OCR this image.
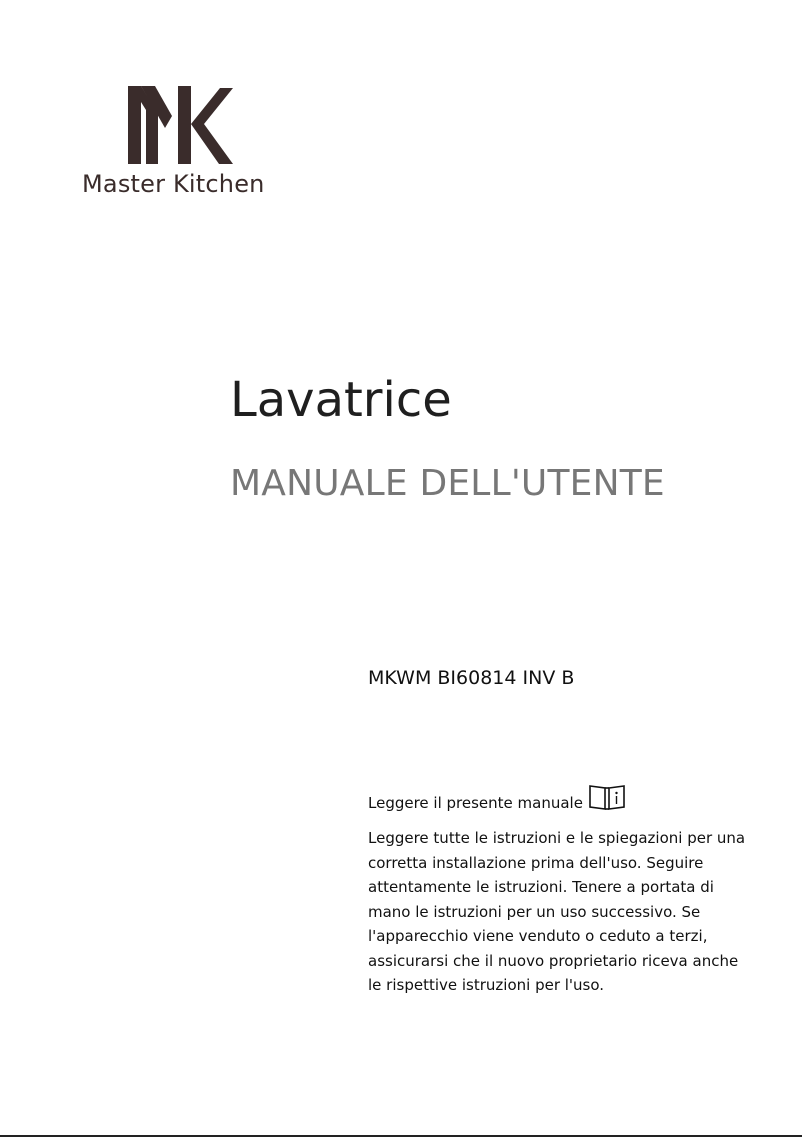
Master Kitchen
Lavatrice
MANUALE DELL'UTENTE
MKWM BI60814 INV B
Leggere il presente manuale

Leggere tutte le istruzioni e le spiegazioni per una corretta installazione prima dell'uso. Seguire attentamente le istruzioni. Tenere a portata di mano le istruzioni per un uso successivo. Se l'apparecchio viene venduto o ceduto a terzi, assicurarsi che il nuovo proprietario riceva anche le rispettive istruzioni per l'uso.
